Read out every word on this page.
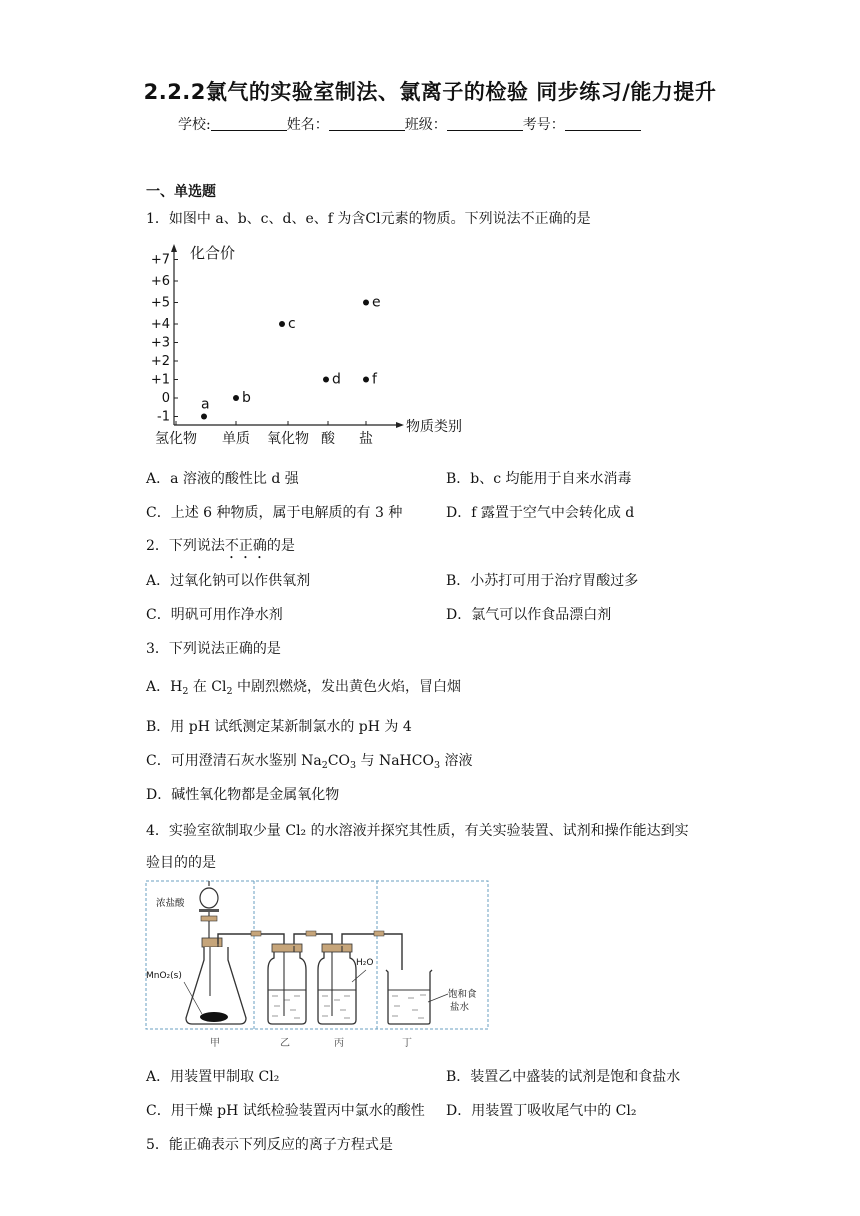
2.2.2氯气的实验室制法、氯离子的检验 同步练习/能力提升
学校:	姓名：	班级：	考号：
一、单选题
1．如图中 a、b、c、d、e、f 为含Cl元素的物质。下列说法不正确的是
化合价
物质类别
+7
+6
+5
+4
+3
+2
+1
0
-1
氢化物 单质 氧化物 酸 盐
a b
c
d
e
f
A．a 溶液的酸性比 d 强	B．b、c 均能用于自来水消毒
C．上述 6 种物质，属于电解质的有 3 种	D．f 露置于空气中会转化成 d
2．下列说法不正确的是
A．过氧化钠可以作供氧剂	B．小苏打可用于治疗胃酸过多
C．明矾可用作净水剂	D．氯气可以作食品漂白剂
3．下列说法正确的是
A．$H_2$ 在 $Cl_2$ 中剧烈燃烧，发出黄色火焰，冒白烟
B．用 pH 试纸测定某新制氯水的 pH 为 4
C．可用澄清石灰水鉴别 $Na_2CO_3$ 与 NaHCO$_3$ 溶液
D．碱性氧化物都是金属氧化物
4．实验室欲制取少量 Cl₂ 的水溶液并探究其性质，有关实验装置、试剂和操作能达到实
验目的的是
浓盐酸
MnO₂(s)
H₂O
饱和食
盐水
甲	乙	丙	丁
A．用装置甲制取 Cl₂	B．装置乙中盛装的试剂是饱和食盐水
C．用干燥 pH 试纸检验装置丙中氯水的酸性 D．用装置丁吸收尾气中的 Cl₂
5．能正确表示下列反应的离子方程式是
